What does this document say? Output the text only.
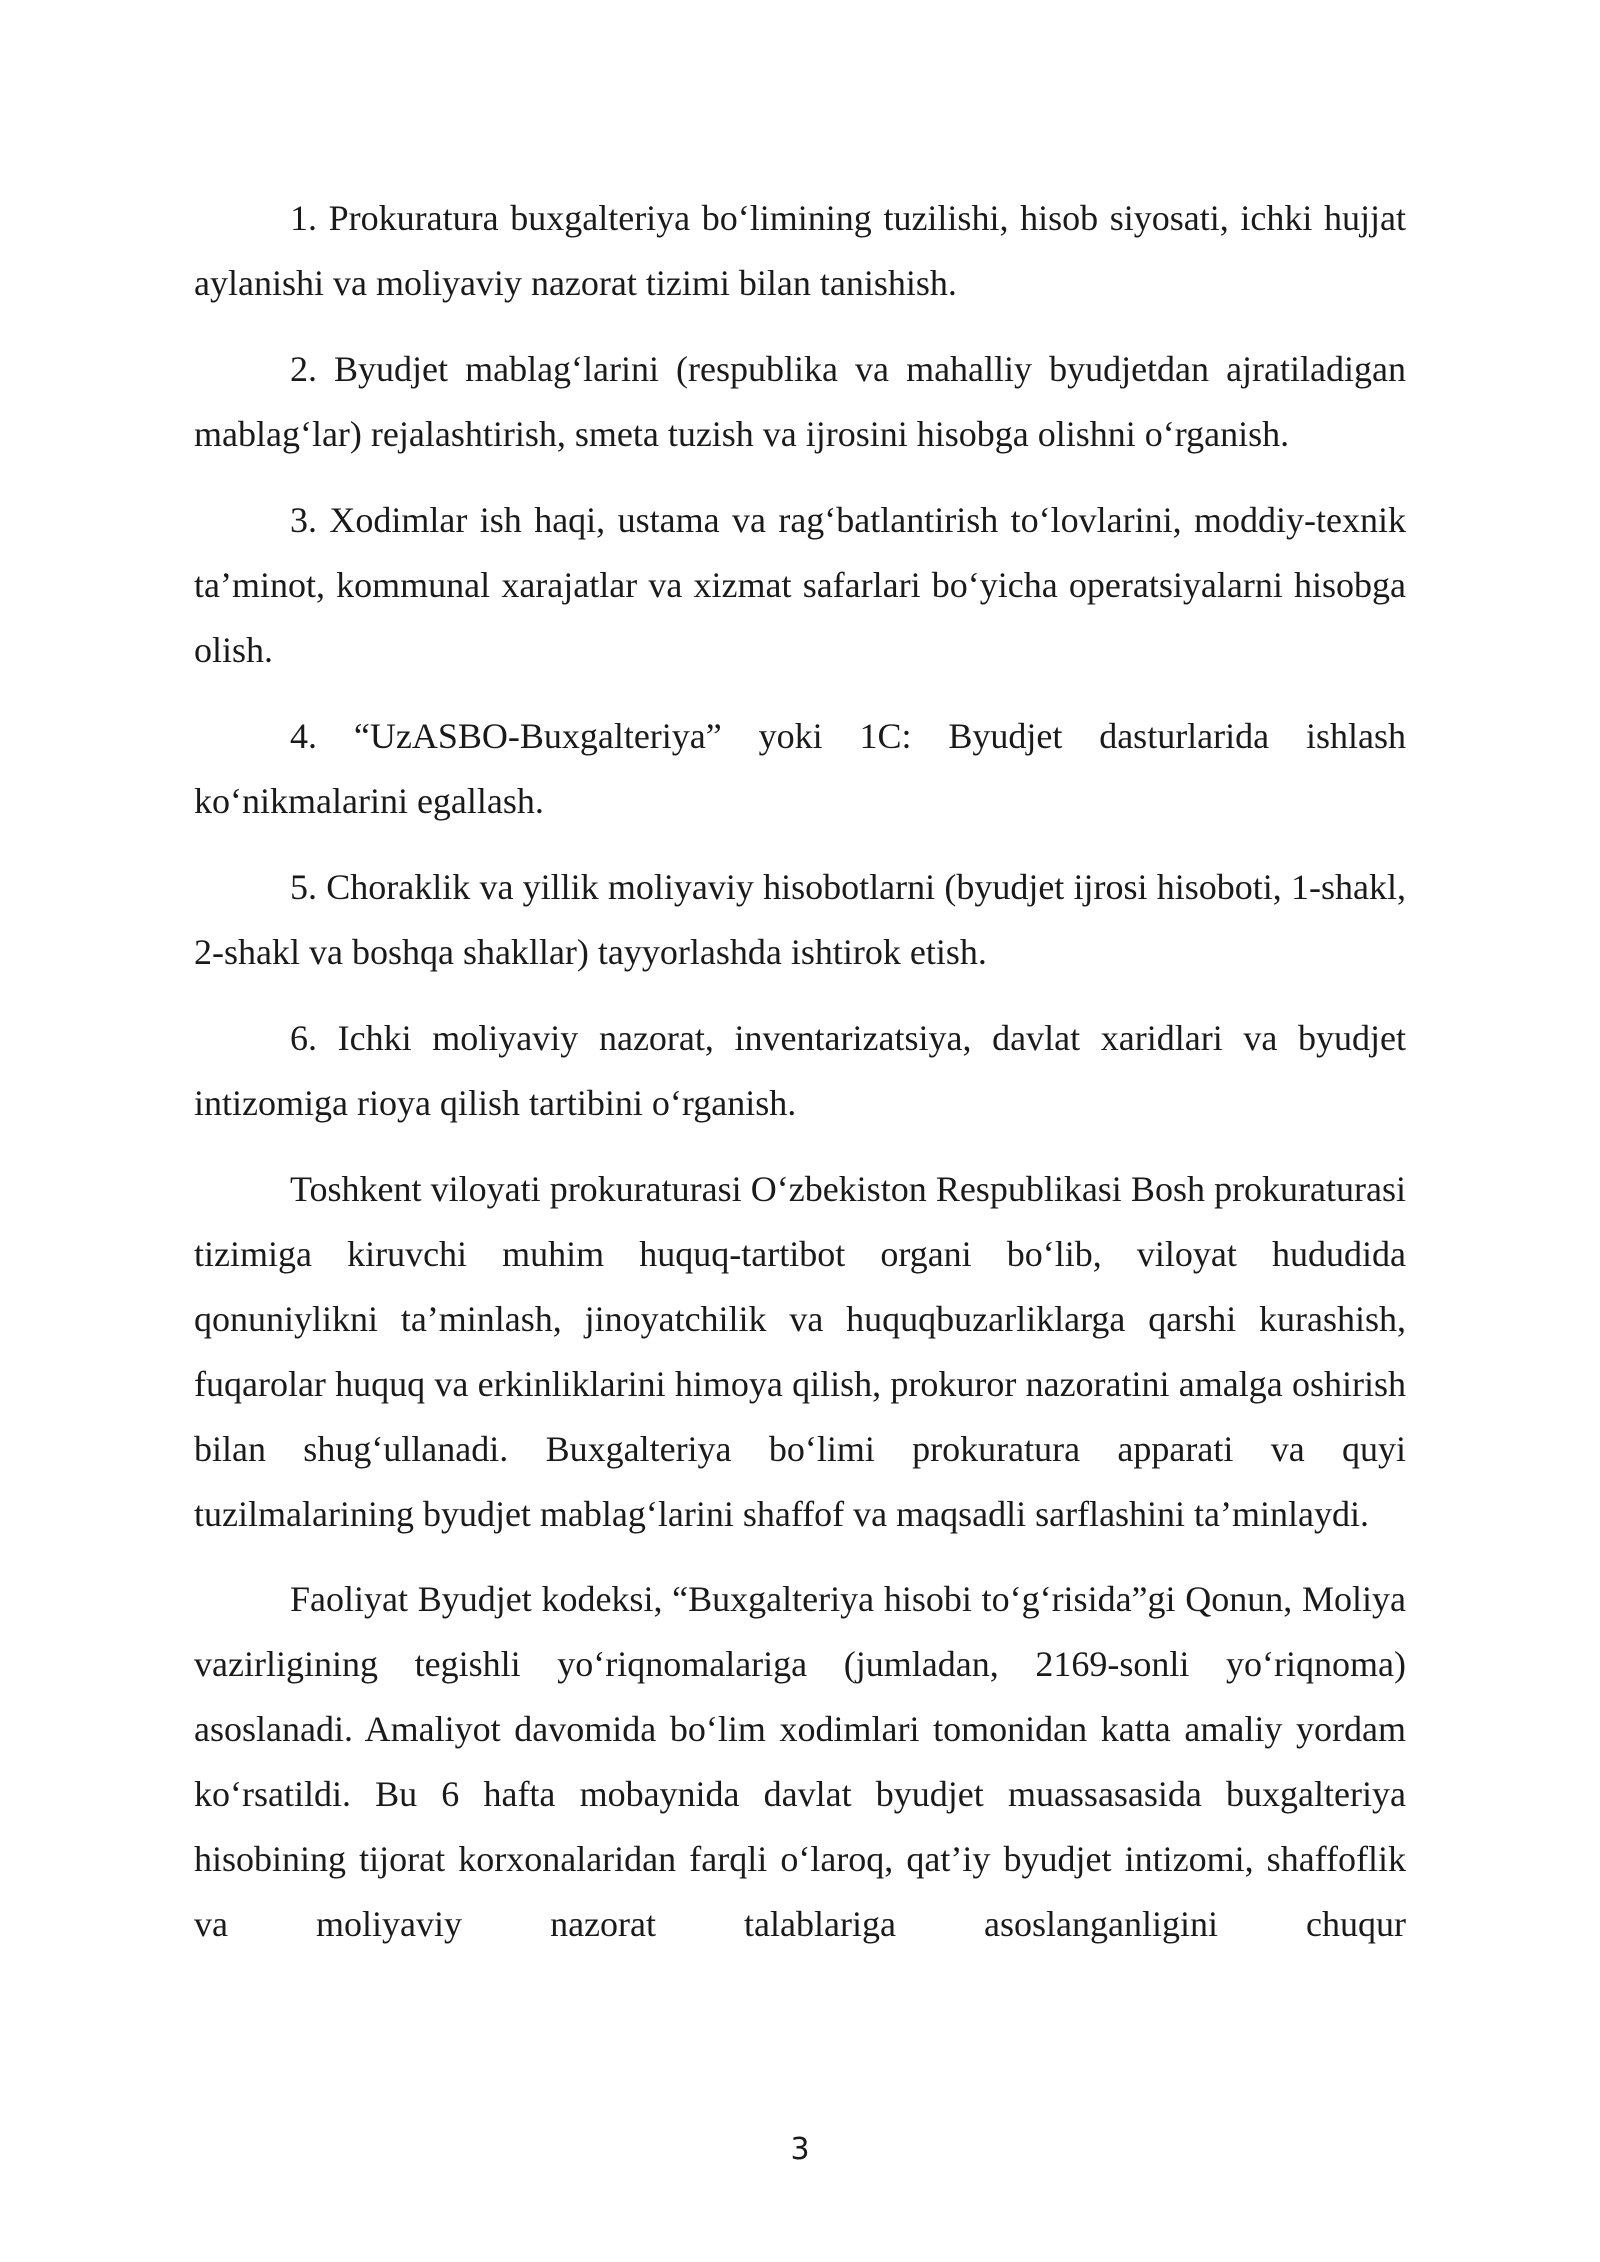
1. Prokuratura buxgalteriya bo‘limining tuzilishi, hisob siyosati, ichki hujjat aylanishi va moliyaviy nazorat tizimi bilan tanishish.

2. Byudjet mablag‘larini (respublika va mahalliy byudjetdan ajratiladigan mablag‘lar) rejalashtirish, smeta tuzish va ijrosini hisobga olishni o‘rganish.

3. Xodimlar ish haqi, ustama va rag‘batlantirish to‘lovlarini, moddiy-texnik ta’minot, kommunal xarajatlar va xizmat safarlari bo‘yicha operatsiyalarni hisobga olish.

4. “UzASBO-Buxgalteriya” yoki 1C: Byudjet dasturlarida ishlash ko‘nikmalarini egallash.

5. Choraklik va yillik moliyaviy hisobotlarni (byudjet ijrosi hisoboti, 1-shakl, 2-shakl va boshqa shakllar) tayyorlashda ishtirok etish.

6. Ichki moliyaviy nazorat, inventarizatsiya, davlat xaridlari va byudjet intizomiga rioya qilish tartibini o‘rganish.

Toshkent viloyati prokuraturasi O‘zbekiston Respublikasi Bosh prokuraturasi tizimiga kiruvchi muhim huquq-tartibot organi bo‘lib, viloyat hududida qonuniylikni ta’minlash, jinoyatchilik va huquqbuzarliklarga qarshi kurashish, fuqarolar huquq va erkinliklarini himoya qilish, prokuror nazoratini amalga oshirish bilan shug‘ullanadi. Buxgalteriya bo‘limi prokuratura apparati va quyi tuzilmalarining byudjet mablag‘larini shaffof va maqsadli sarflashini ta’minlaydi.

Faoliyat Byudjet kodeksi, “Buxgalteriya hisobi to‘g‘risida”gi Qonun, Moliya vazirligining tegishli yo‘riqnomalariga (jumladan, 2169-sonli yo‘riqnoma) asoslanadi. Amaliyot davomida bo‘lim xodimlari tomonidan katta amaliy yordam ko‘rsatildi. Bu 6 hafta mobaynida davlat byudjet muassasasida buxgalteriya hisobining tijorat korxonalaridan farqli o‘laroq, qat’iy byudjet intizomi, shaffoflik va moliyaviy nazorat talablariga asoslanganligini chuqur

3
